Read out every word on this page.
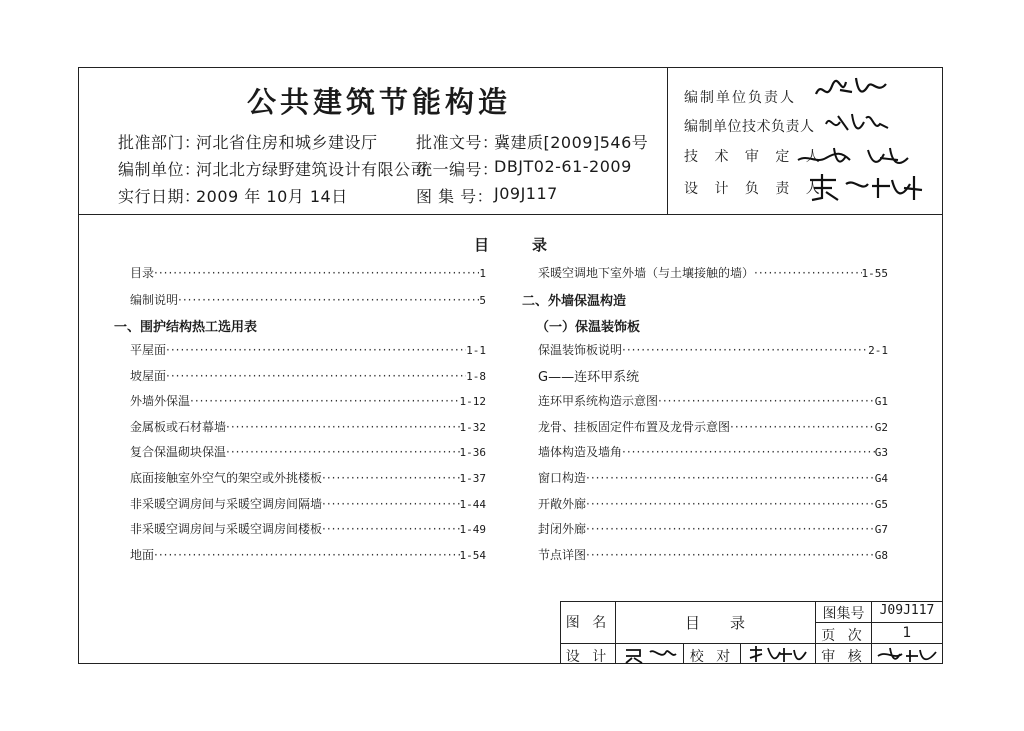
公共建筑节能构造
批准部门：
河北省住房和城乡建设厅 批准文号：
冀建质[2009]546号
编制单位：
河北北方绿野建筑设计有限公司
统一编号：
DBJT02-61-2009
实行日期：
2009 年 10月 14日	图 集 号： J09J117
编制单位负责人
编制单位技术负责人
技 术 审 定 人
设 计 负 责 人
目	录
目录 ·····	1
编制说明 ·····	5
一、围护结构热工选用表
平屋面 ·····	1-1
坡屋面 ·····	1-8
外墙外保温 ·····	1-12
金属板或石材幕墙 ·····	1-32
复合保温砌块保温 ·····	1-36
底面接触室外空气的架空或外挑楼板 ·····	1-37
非采暖空调房间与采暖空调房间隔墙 ·····	1-44
非采暖空调房间与采暖空调房间楼板 ·····	1-49
地面 ·····	1-54
采暖空调地下室外墙（与土壤接触的墙） ·····	1-55
二、外墙保温构造
（一）保温装饰板
保温装饰板说明 ·····	2-1
G——连环甲系统
连环甲系统构造示意图 ·····	G1
龙骨、挂板固定件布置及龙骨示意图 ·····	G2
墙体构造及墙角 ·····	G3
窗口构造 ·····	G4
开敞外廊 ·····	G5
封闭外廊 ·····	G7
节点详图 ·····	G8
图 名	目　　录	图集号	J09J117
页 次	1
设 计	校 对	审 核
